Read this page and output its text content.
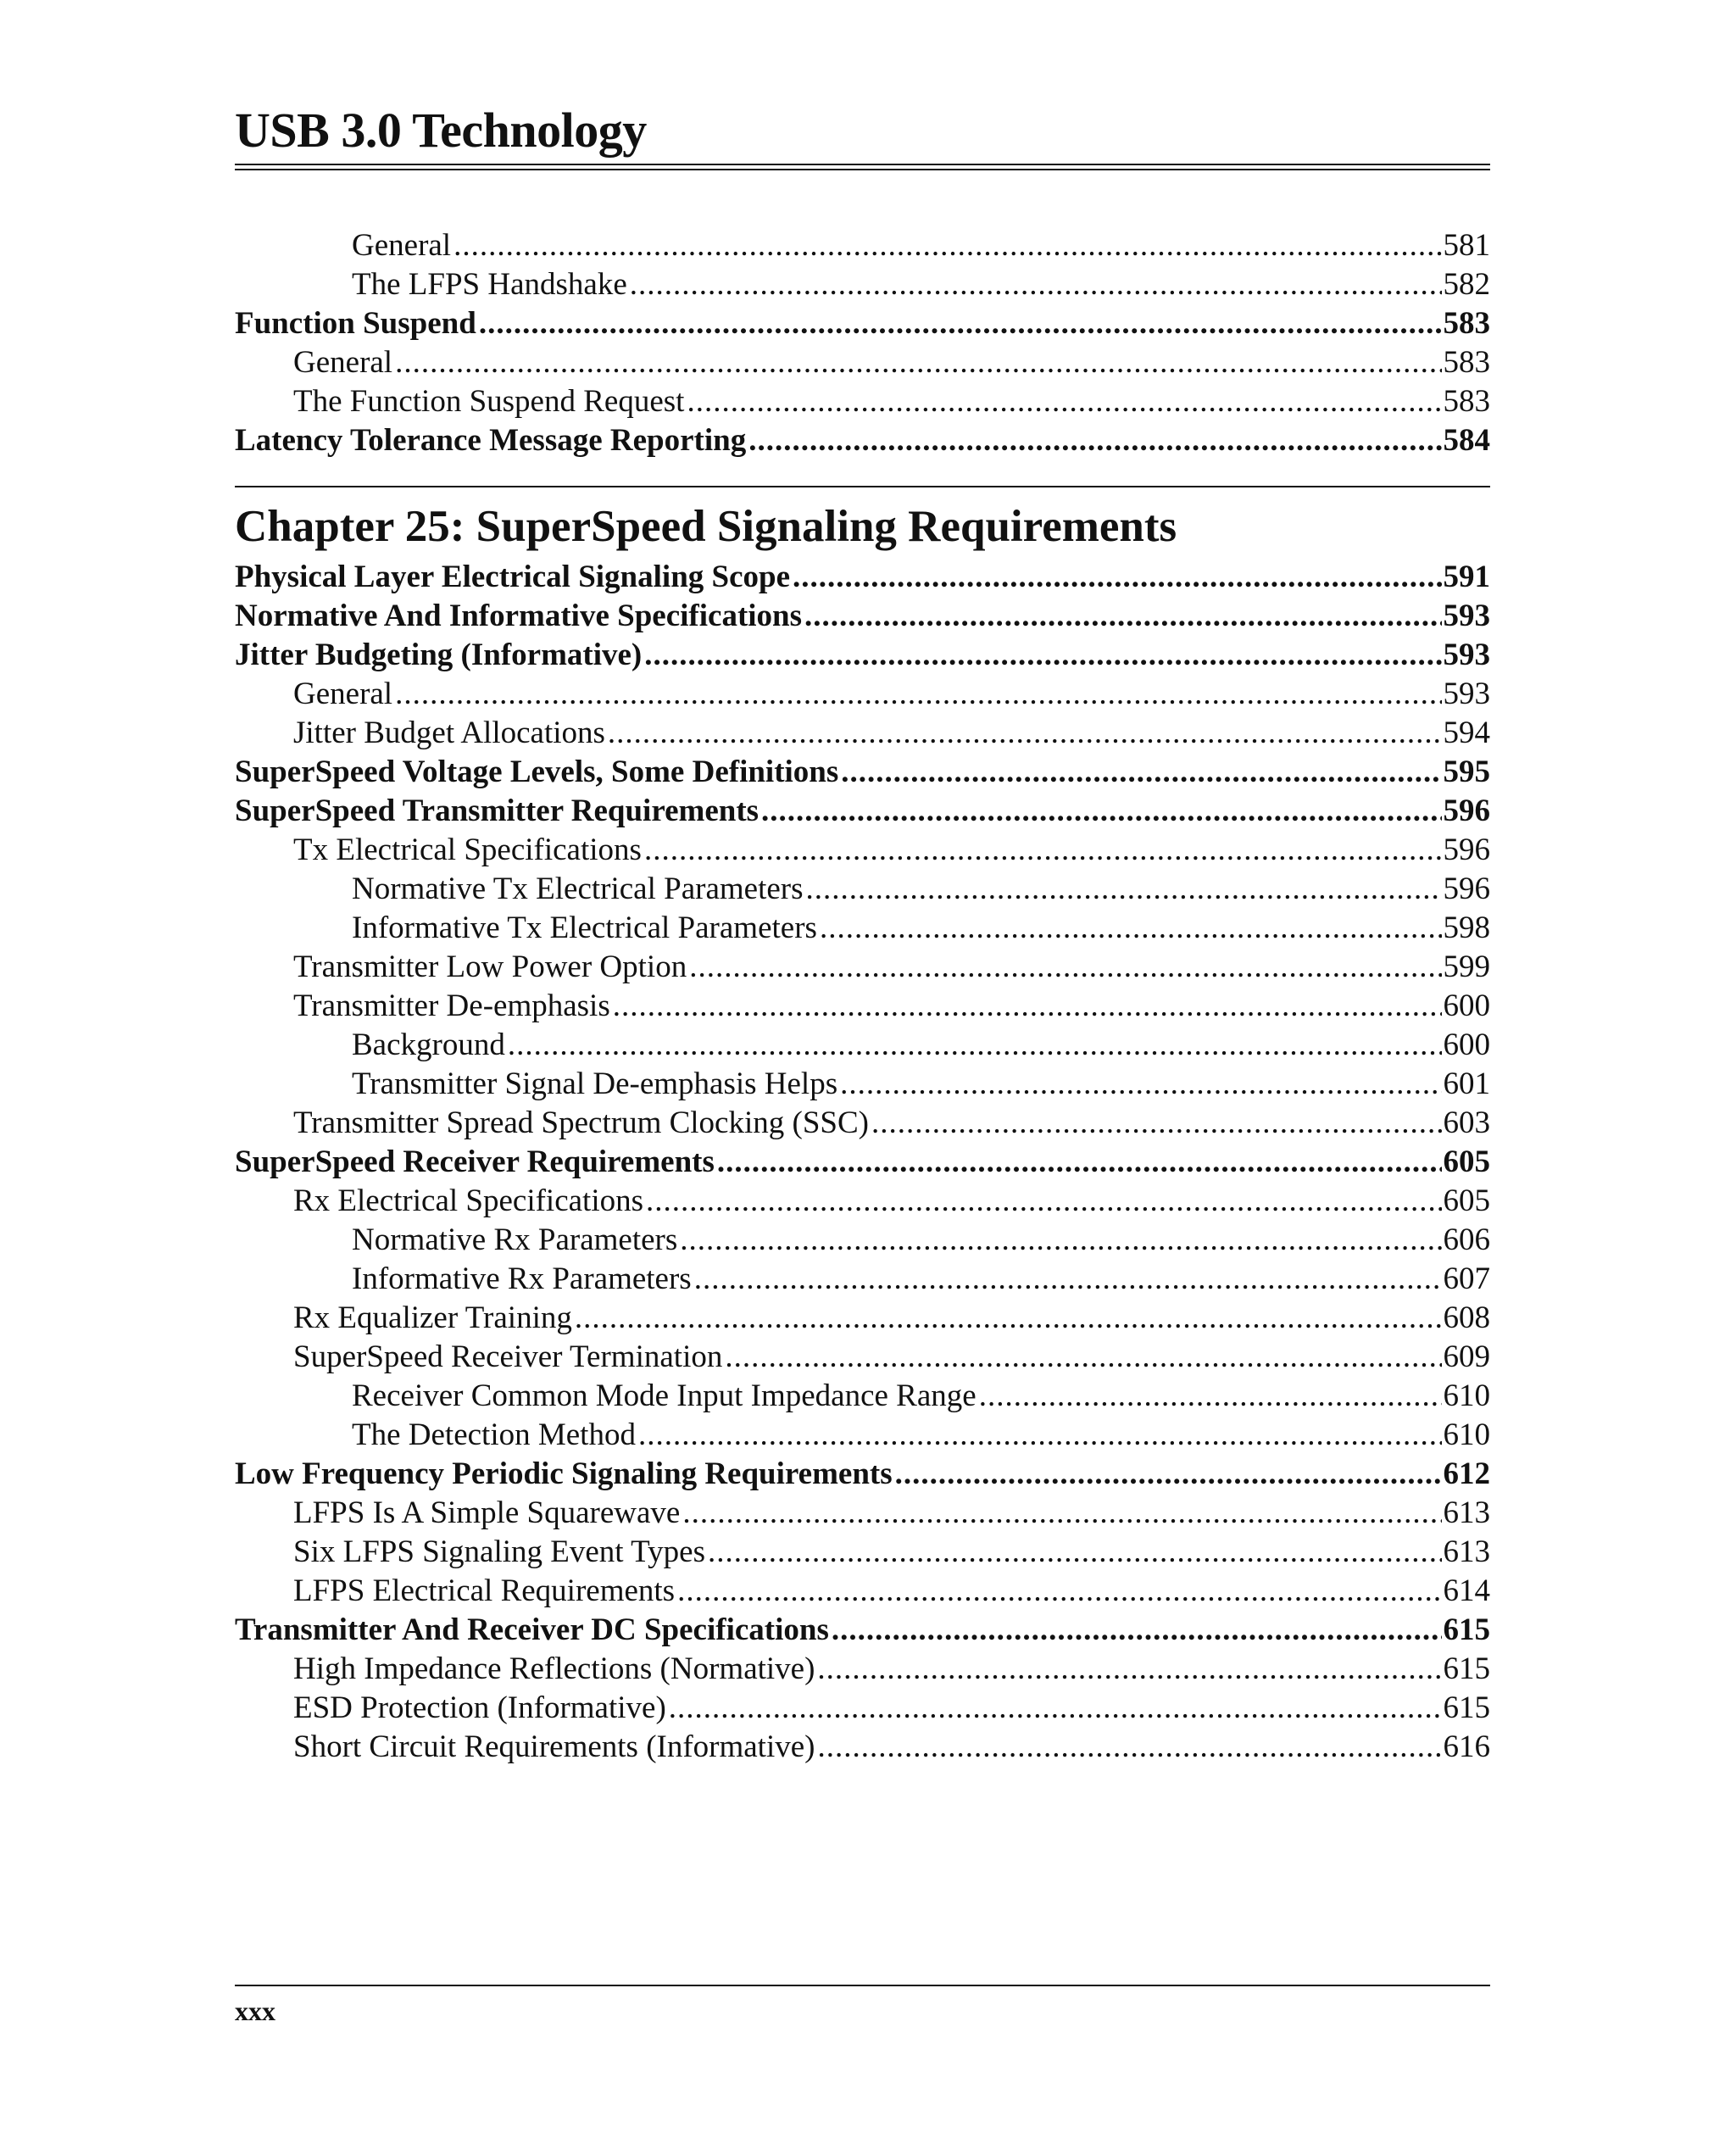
USB 3.0 Technology
General .....	581
The LFPS Handshake .....	582
Function Suspend .....	583
General .....	583
The Function Suspend Request .....	583
Latency Tolerance Message Reporting .....	584
Chapter 25: SuperSpeed Signaling Requirements
Physical Layer Electrical Signaling Scope .....	591
Normative And Informative Specifications .....	593
Jitter Budgeting (Informative) .....	593
General .....	593
Jitter Budget Allocations .....	594
SuperSpeed Voltage Levels, Some Definitions .....	595
SuperSpeed Transmitter Requirements .....	596
Tx Electrical Specifications .....	596
Normative Tx Electrical Parameters .....	596
Informative Tx Electrical Parameters .....	598
Transmitter Low Power Option .....	599
Transmitter De-emphasis .....	600
Background .....	600
Transmitter Signal De-emphasis Helps .....	601
Transmitter Spread Spectrum Clocking (SSC) .....	603
SuperSpeed Receiver Requirements .....	605
Rx Electrical Specifications .....	605
Normative Rx Parameters .....	606
Informative Rx Parameters .....	607
Rx Equalizer Training .....	608
SuperSpeed Receiver Termination .....	609
Receiver Common Mode Input Impedance Range .....	610
The Detection Method .....	610
Low Frequency Periodic Signaling Requirements .....	612
LFPS Is A Simple Squarewave .....	613
Six LFPS Signaling Event Types .....	613
LFPS Electrical Requirements .....	614
Transmitter And Receiver DC Specifications .....	615
High Impedance Reflections (Normative) .....	615
ESD Protection (Informative) .....	615
Short Circuit Requirements (Informative) .....	616
xxx
